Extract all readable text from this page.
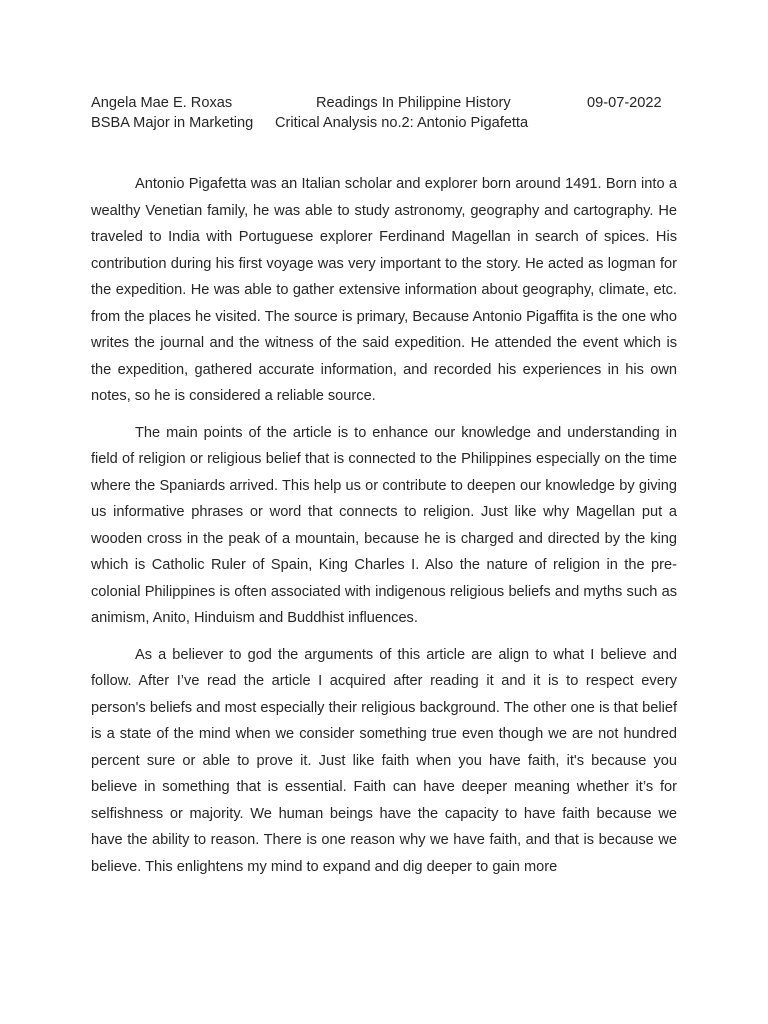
Angela Mae E. Roxas	Readings In Philippine History	09-07-2022
BSBA Major in Marketing Critical Analysis no.2: Antonio Pigafetta

Antonio Pigafetta was an Italian scholar and explorer born around 1491. Born into a wealthy Venetian family, he was able to study astronomy, geography and cartography. He traveled to India with Portuguese explorer Ferdinand Magellan in search of spices. His contribution during his first voyage was very important to the story. He acted as logman for the expedition. He was able to gather extensive information about geography, climate, etc. from the places he visited. The source is primary, Because Antonio Pigaffita is the one who writes the journal and the witness of the said expedition. He attended the event which is the expedition, gathered accurate information, and recorded his experiences in his own notes, so he is considered a reliable source.

The main points of the article is to enhance our knowledge and understanding in field of religion or religious belief that is connected to the Philippines especially on the time where the Spaniards arrived. This help us or contribute to deepen our knowledge by giving us informative phrases or word that connects to religion. Just like why Magellan put a wooden cross in the peak of a mountain, because he is charged and directed by the king which is Catholic Ruler of Spain, King Charles I. Also the nature of religion in the pre-colonial Philippines is often associated with indigenous religious beliefs and myths such as animism, Anito, Hinduism and Buddhist influences.

As a believer to god the arguments of this article are align to what I believe and follow. After I’ve read the article I acquired after reading it and it is to respect every person's beliefs and most especially their religious background. The other one is that belief is a state of the mind when we consider something true even though we are not hundred percent sure or able to prove it. Just like faith when you have faith, it's because you believe in something that is essential. Faith can have deeper meaning whether it’s for selfishness or majority. We human beings have the capacity to have faith because we have the ability to reason. There is one reason why we have faith, and that is because we believe. This enlightens my mind to expand and dig deeper to gain more
